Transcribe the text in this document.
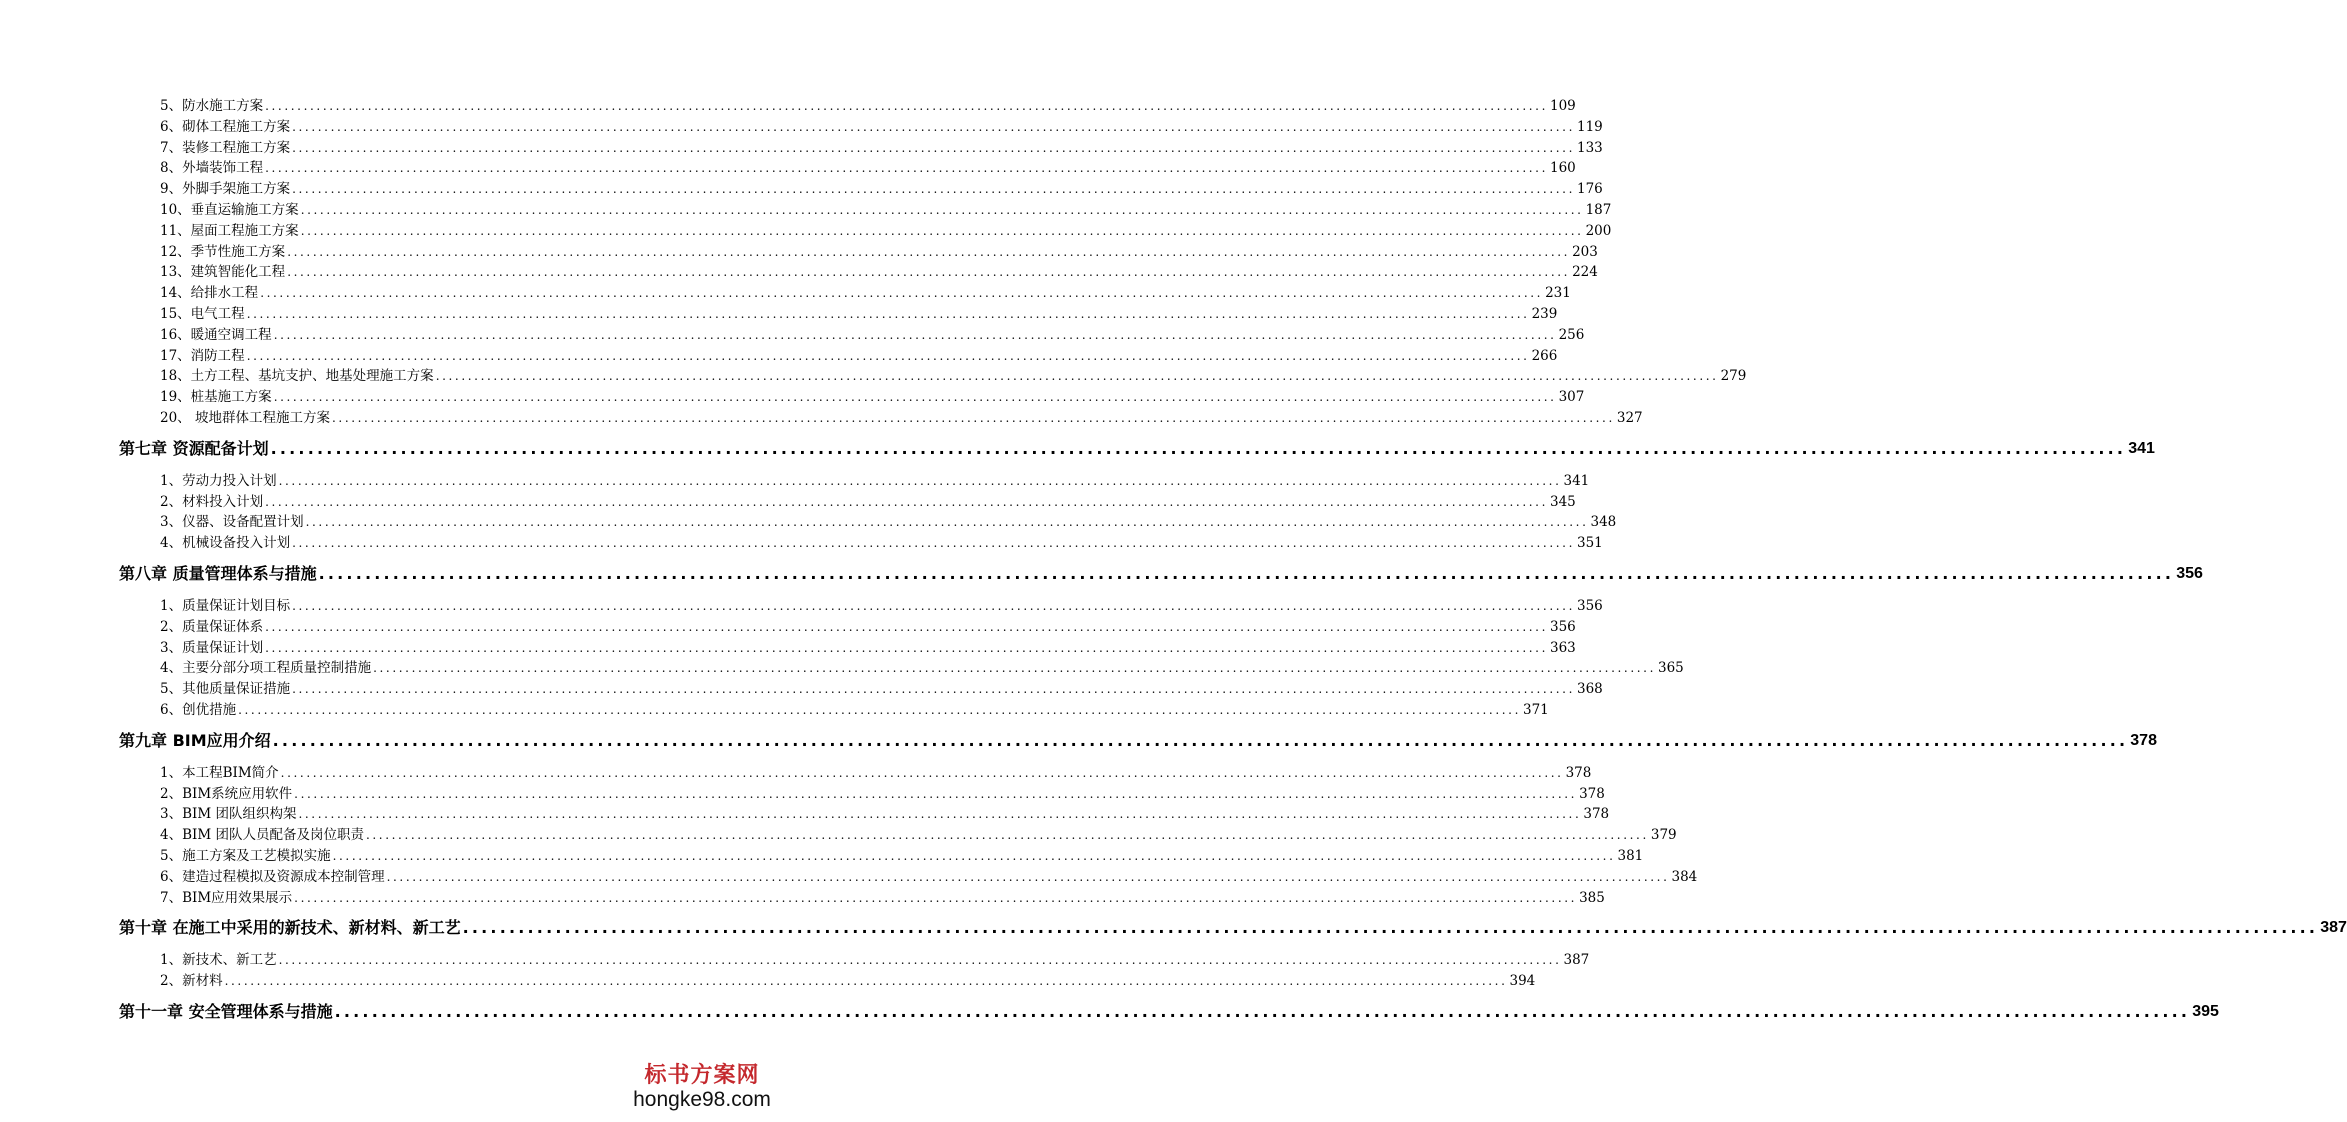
5、防水施工方案 ........................................................................................................................................................................................................ 109
6、砌体工程施工方案 ........................................................................................................................................................................................................ 119
7、装修工程施工方案 ........................................................................................................................................................................................................ 133
8、外墙装饰工程 ........................................................................................................................................................................................................ 160
9、外脚手架施工方案 ........................................................................................................................................................................................................ 176
10、垂直运输施工方案 ........................................................................................................................................................................................................ 187
11、屋面工程施工方案 ........................................................................................................................................................................................................ 200
12、季节性施工方案 ........................................................................................................................................................................................................ 203
13、建筑智能化工程 ........................................................................................................................................................................................................ 224
14、给排水工程 ........................................................................................................................................................................................................ 231
15、电气工程 ........................................................................................................................................................................................................ 239
16、暖通空调工程 ........................................................................................................................................................................................................ 256
17、消防工程 ........................................................................................................................................................................................................ 266
18、土方工程、基坑支护、地基处理施工方案 ........................................................................................................................................................................................................ 279
19、桩基施工方案 ........................................................................................................................................................................................................ 307
20、 坡地群体工程施工方案 ........................................................................................................................................................................................................ 327
第七章 资源配备计划 ........................................................................................................................................................................................................ 341
1、劳动力投入计划 ........................................................................................................................................................................................................ 341
2、材料投入计划 ........................................................................................................................................................................................................ 345
3、仪器、设备配置计划 ........................................................................................................................................................................................................ 348
4、机械设备投入计划 ........................................................................................................................................................................................................ 351
第八章 质量管理体系与措施 ........................................................................................................................................................................................................ 356
1、质量保证计划目标 ........................................................................................................................................................................................................ 356
2、质量保证体系 ........................................................................................................................................................................................................ 356
3、质量保证计划 ........................................................................................................................................................................................................ 363
4、主要分部分项工程质量控制措施 ........................................................................................................................................................................................................ 365
5、其他质量保证措施 ........................................................................................................................................................................................................ 368
6、创优措施 ........................................................................................................................................................................................................ 371
第九章 BIM应用介绍 ........................................................................................................................................................................................................ 378
1、本工程BIM简介 ........................................................................................................................................................................................................ 378
2、BIM系统应用软件 ........................................................................................................................................................................................................ 378
3、BIM 团队组织构架 ........................................................................................................................................................................................................ 378
4、BIM 团队人员配备及岗位职责 ........................................................................................................................................................................................................ 379
5、施工方案及工艺模拟实施 ........................................................................................................................................................................................................ 381
6、建造过程模拟及资源成本控制管理 ........................................................................................................................................................................................................ 384
7、BIM应用效果展示 ........................................................................................................................................................................................................ 385
第十章 在施工中采用的新技术、新材料、新工艺 ........................................................................................................................................................................................................ 387
1、新技术、新工艺 ........................................................................................................................................................................................................ 387
2、新材料 ........................................................................................................................................................................................................ 394
第十一章 安全管理体系与措施 ........................................................................................................................................................................................................ 395
标书方案网
hongke98.com
